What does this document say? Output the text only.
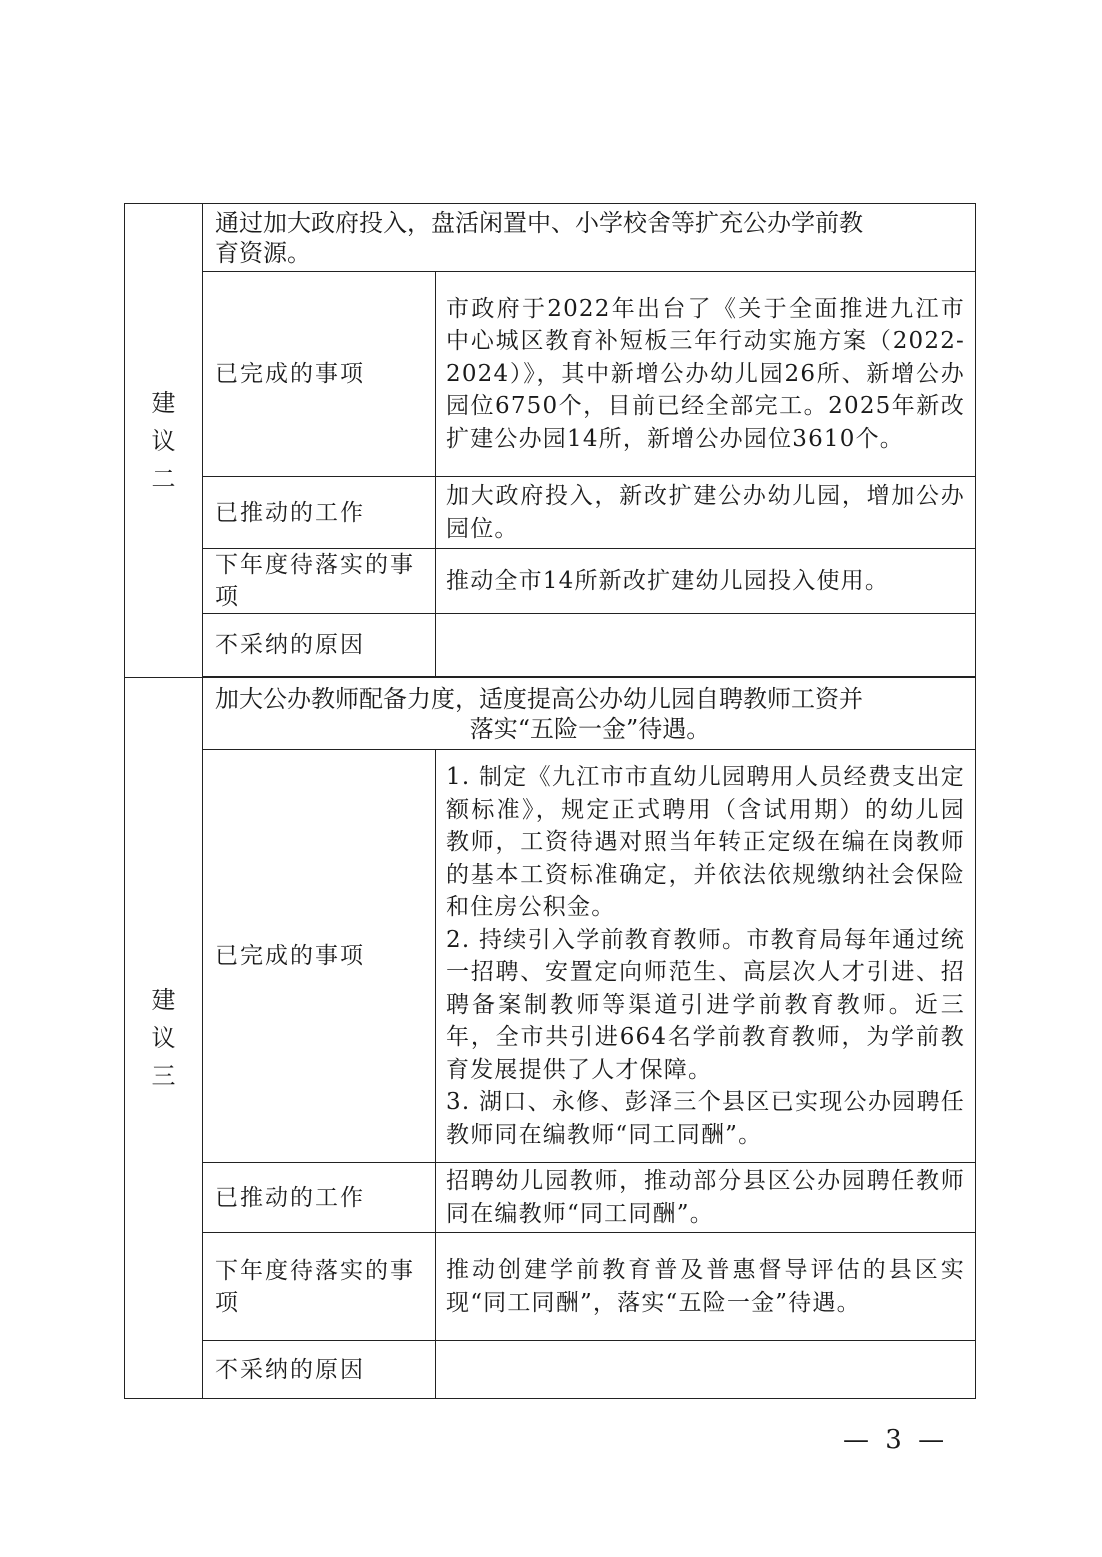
建
议
二	通过加大政府投入，盘活闲置中、小学校舍等扩充公办学前教
育资源。	
	已完成的事项	市政府于2022年出台了《关于全面推进九江市中心城区教育补短板三年行动实施方案（2022-2024）》，其中新增公办幼儿园26所、新增公办园位6750个，目前已经全部完工。2025年新改扩建公办园14所，新增公办园位3610个。
	已推动的工作	加大政府投入，新改扩建公办幼儿园，增加公办园位。
	下年度待落实的事项	推动全市14所新改扩建幼儿园投入使用。
	不采纳的原因	

建
议
三	加大公办教师配备力度，适度提高公办幼儿园自聘教师工资并
落实“五险一金”待遇。	

	已完成的事项	1. 制定《九江市市直幼儿园聘用人员经费支出定额标准》，规定正式聘用（含试用期）的幼儿园教师，工资待遇对照当年转正定级在编在岗教师的基本工资标准确定，并依法依规缴纳社会保险和住房公积金。

2. 持续引入学前教育教师。市教育局每年通过统一招聘、安置定向师范生、高层次人才引进、招聘备案制教师等渠道引进学前教育教师。近三年，全市共引进664名学前教育教师，为学前教育发展提供了人才保障。

3. 湖口、永修、彭泽三个县区已实现公办园聘任教师同在编教师“同工同酬”。

	已推动的工作	招聘幼儿园教师，推动部分县区公办园聘任教师同在编教师“同工同酬”。
	下年度待落实的事项	推动创建学前教育普及普惠督导评估的县区实现“同工同酬”，落实“五险一金”待遇。
	不采纳的原因	
— 3 —
